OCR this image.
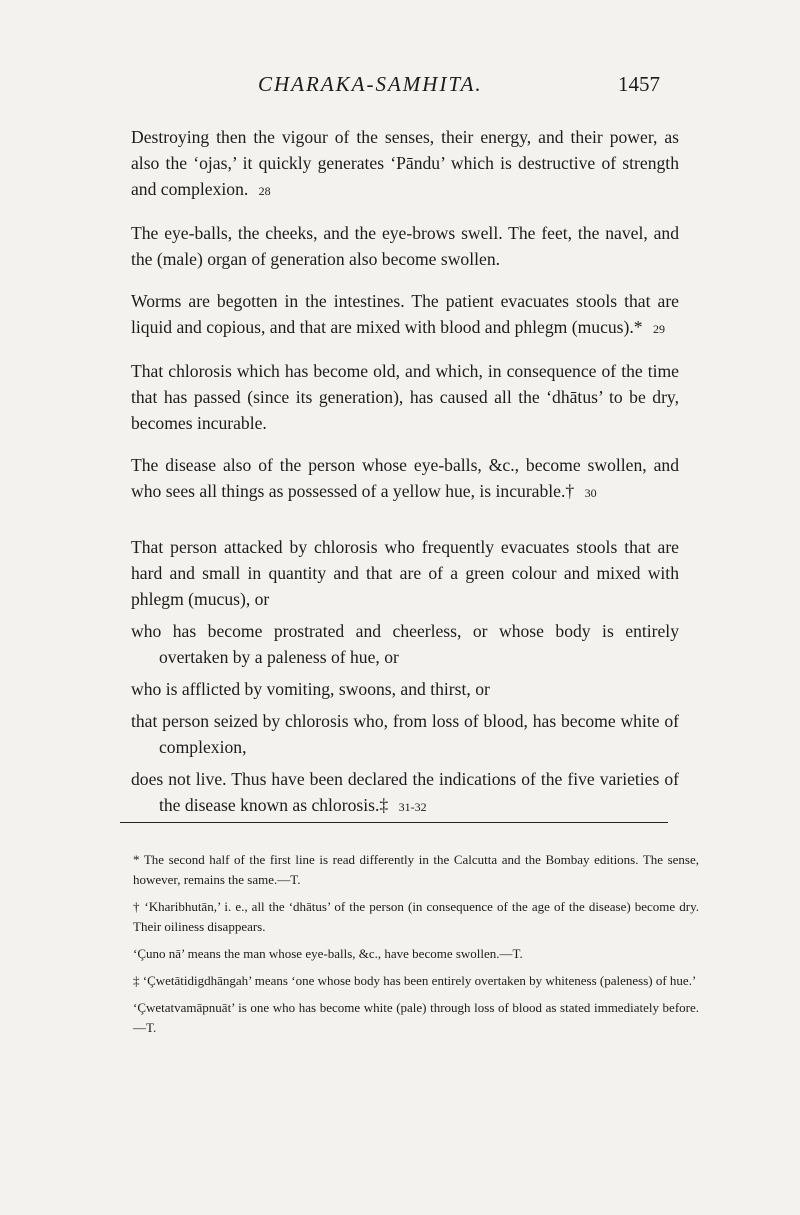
CHARAKA-SAMHITA.	1457

Destroying then the vigour of the senses, their energy, and their power, as also the ‘ojas,’ it quickly generates ‘Pāndu’ which is destructive of strength and complexion. 28

The eye-balls, the cheeks, and the eye-brows swell. The feet, the navel, and the (male) organ of generation also become swollen.

Worms are begotten in the intestines. The patient evacuates stools that are liquid and copious, and that are mixed with blood and phlegm (mucus).* 29

That chlorosis which has become old, and which, in consequence of the time that has passed (since its generation), has caused all the ‘dhātus’ to be dry, becomes incurable.

The disease also of the person whose eye-balls, &c., become swollen, and who sees all things as possessed of a yellow hue, is incurable.† 30

That person attacked by chlorosis who frequently evacuates stools that are hard and small in quantity and that are of a green colour and mixed with phlegm (mucus), or

who has become prostrated and cheerless, or whose body is entirely overtaken by a paleness of hue, or
who is afflicted by vomiting, swoons, and thirst, or
that person seized by chlorosis who, from loss of blood, has become white of complexion,
does not live. Thus have been declared the indications of the five varieties of the disease known as chlorosis.‡ 31-32

* The second half of the first line is read differently in the Calcutta and the Bombay editions. The sense, however, remains the same.—T.

† ‘Kharibhutān,’ i. e., all the ‘dhātus’ of the person (in consequence of the age of the disease) become dry. Their oiliness disappears.

‘Çuno nā’ means the man whose eye-balls, &c., have become swollen.—T.

‡ ‘Çwetātidigdhāngah’ means ‘one whose body has been entirely overtaken by whiteness (paleness) of hue.’

‘Çwetatvamāpnuāt’ is one who has become white (pale) through loss of blood as stated immediately before.—T.
